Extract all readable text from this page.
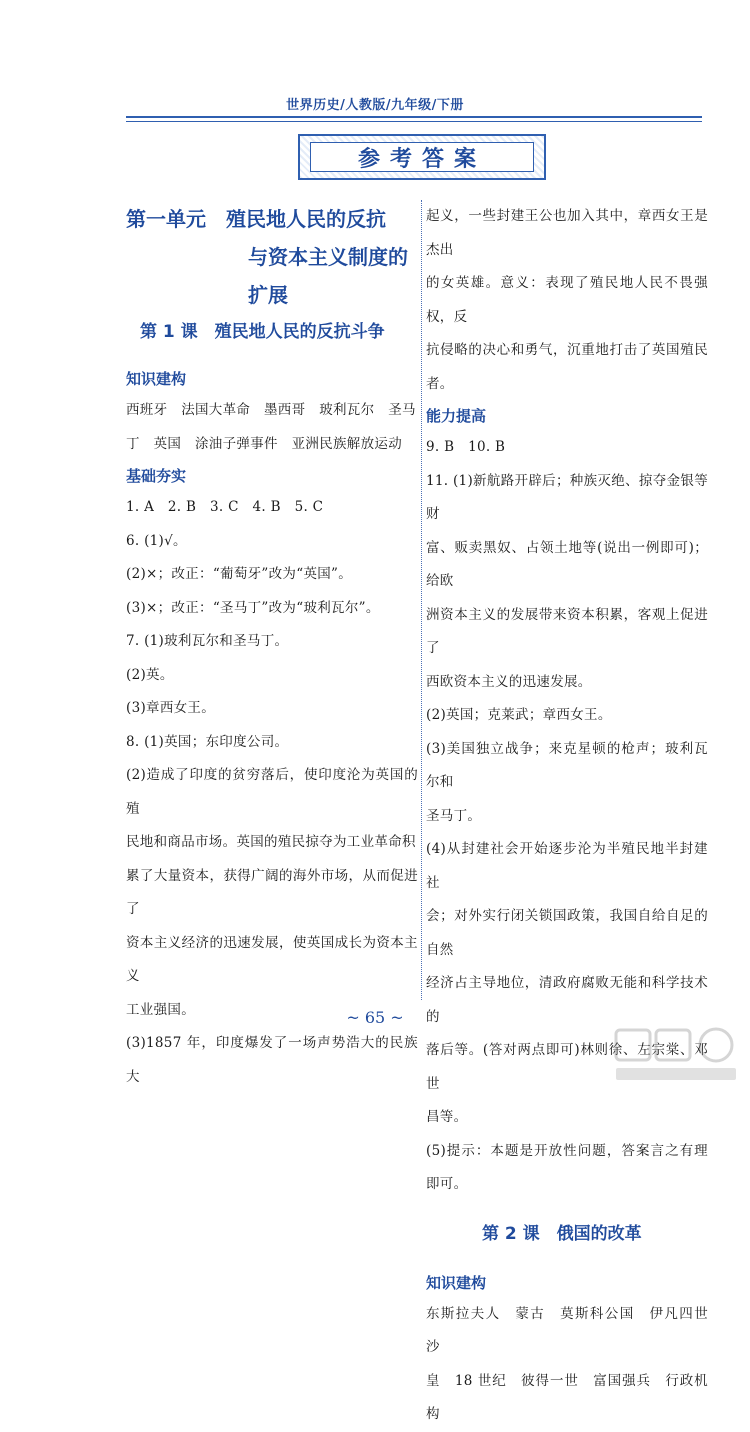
世界历史/人教版/九年级/下册
参考答案
第一单元　殖民地人民的反抗
与资本主义制度的
扩展
第 1 课　殖民地人民的反抗斗争
知识建构

西班牙　法国大革命　墨西哥　玻利瓦尔　圣马

丁　英国　涂油子弹事件　亚洲民族解放运动

基础夯实

1. A　2. B　3. C　4. B　5. C

6. (1)√。

(2)×；改正：“葡萄牙”改为“英国”。

(3)×；改正：“圣马丁”改为“玻利瓦尔”。

7. (1)玻利瓦尔和圣马丁。

(2)英。

(3)章西女王。

8. (1)英国；东印度公司。

(2)造成了印度的贫穷落后，使印度沦为英国的殖

民地和商品市场。英国的殖民掠夺为工业革命积

累了大量资本，获得广阔的海外市场，从而促进了

资本主义经济的迅速发展，使英国成长为资本主义

工业强国。

(3)1857 年，印度爆发了一场声势浩大的民族大

起义，一些封建王公也加入其中，章西女王是杰出

的女英雄。意义：表现了殖民地人民不畏强权，反

抗侵略的决心和勇气，沉重地打击了英国殖民者。

能力提高

9. B　10. B

11. (1)新航路开辟后；种族灭绝、掠夺金银等财

富、贩卖黑奴、占领土地等(说出一例即可)；给欧

洲资本主义的发展带来资本积累，客观上促进了

西欧资本主义的迅速发展。

(2)英国；克莱武；章西女王。

(3)美国独立战争；来克星顿的枪声；玻利瓦尔和

圣马丁。

(4)从封建社会开始逐步沦为半殖民地半封建社

会；对外实行闭关锁国政策，我国自给自足的自然

经济占主导地位，清政府腐败无能和科学技术的

落后等。(答对两点即可)林则徐、左宗棠、邓世

昌等。

(5)提示：本题是开放性问题，答案言之有理即可。

第 2 课　俄国的改革
知识建构

东斯拉夫人　蒙古　莫斯科公国　伊凡四世　沙

皇　18 世纪　彼得一世　富国强兵　行政机构

~ 65 ~
